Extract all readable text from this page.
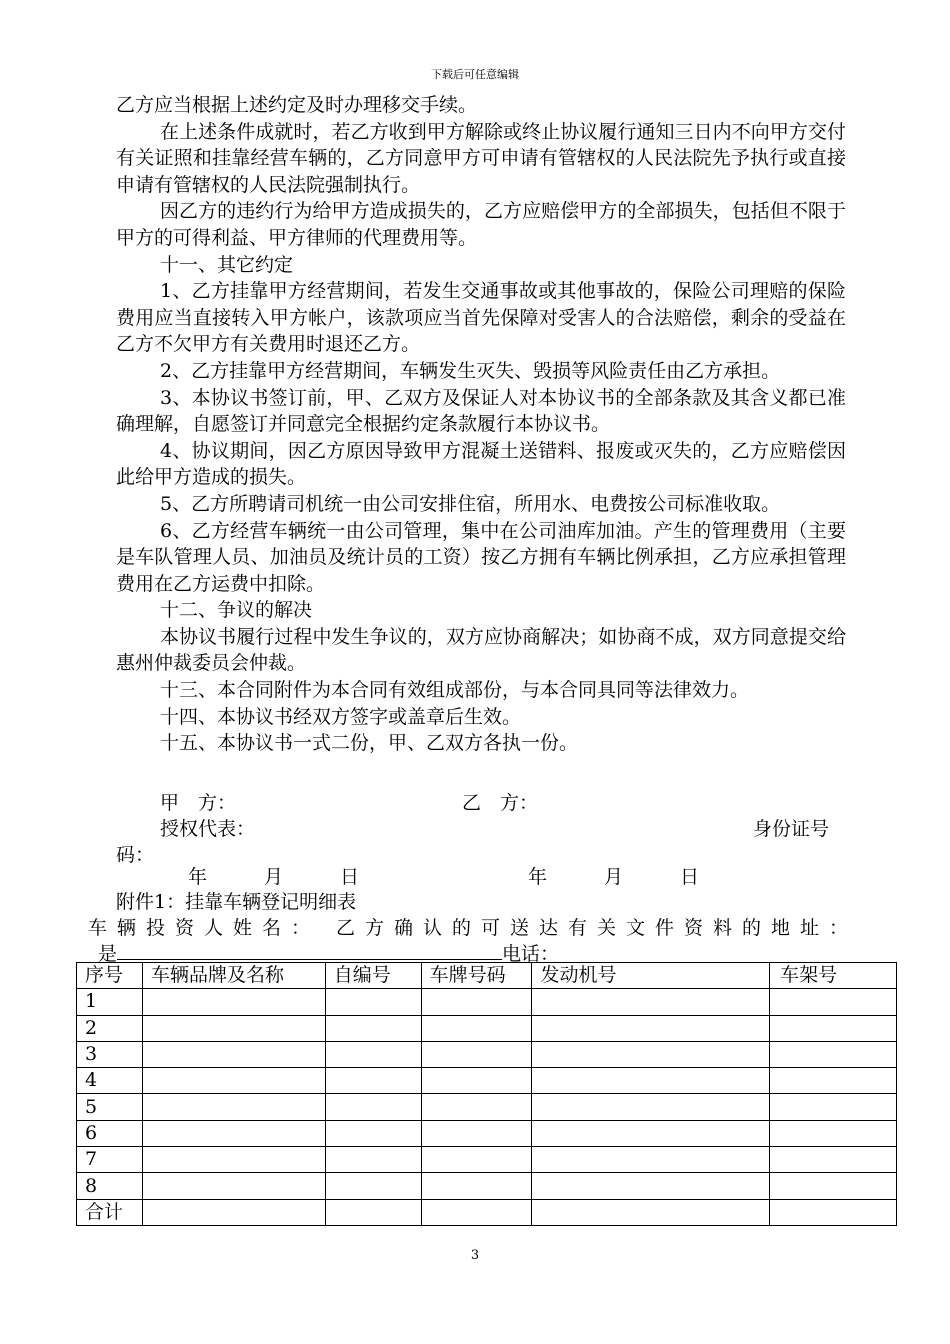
下载后可任意编辑

乙方应当根据上述约定及时办理移交手续。

在上述条件成就时，若乙方收到甲方解除或终止协议履行通知三日内不向甲方交付有关证照和挂靠经营车辆的，乙方同意甲方可申请有管辖权的人民法院先予执行或直接申请有管辖权的人民法院强制执行。

因乙方的违约行为给甲方造成损失的，乙方应赔偿甲方的全部损失，包括但不限于甲方的可得利益、甲方律师的代理费用等。

十一、其它约定

1、乙方挂靠甲方经营期间，若发生交通事故或其他事故的，保险公司理赔的保险费用应当直接转入甲方帐户，该款项应当首先保障对受害人的合法赔偿，剩余的受益在乙方不欠甲方有关费用时退还乙方。

2、乙方挂靠甲方经营期间，车辆发生灭失、毁损等风险责任由乙方承担。

3、本协议书签订前，甲、乙双方及保证人对本协议书的全部条款及其含义都已准确理解，自愿签订并同意完全根据约定条款履行本协议书。

4、协议期间，因乙方原因导致甲方混凝土送错料、报废或灭失的，乙方应赔偿因此给甲方造成的损失。

5、乙方所聘请司机统一由公司安排住宿，所用水、电费按公司标准收取。

6、乙方经营车辆统一由公司管理，集中在公司油库加油。产生的管理费用（主要是车队管理人员、加油员及统计员的工资）按乙方拥有车辆比例承担，乙方应承担管理费用在乙方运费中扣除。

十二、争议的解决

本协议书履行过程中发生争议的，双方应协商解决；如协商不成，双方同意提交给惠州仲裁委员会仲裁。

十三、本合同附件为本合同有效组成部份，与本合同具同等法律效力。

十四、本协议书经双方签字或盖章后生效。

十五、本协议书一式二份，甲、乙双方各执一份。

甲　方：	乙　方：
授权代表：	身份证号
码：
年　　　月　　　日	年　　　月　　　日
附件1：挂靠车辆登记明细表
车辆投资人姓名： 乙方确认的可送达有关文件资料的地址：
是	电话：
序号	车辆品牌及名称	自编号	车牌号码	发动机号	车架号
1					
2					
3					
4					
5					
6					
7					
8					
合计					
3
